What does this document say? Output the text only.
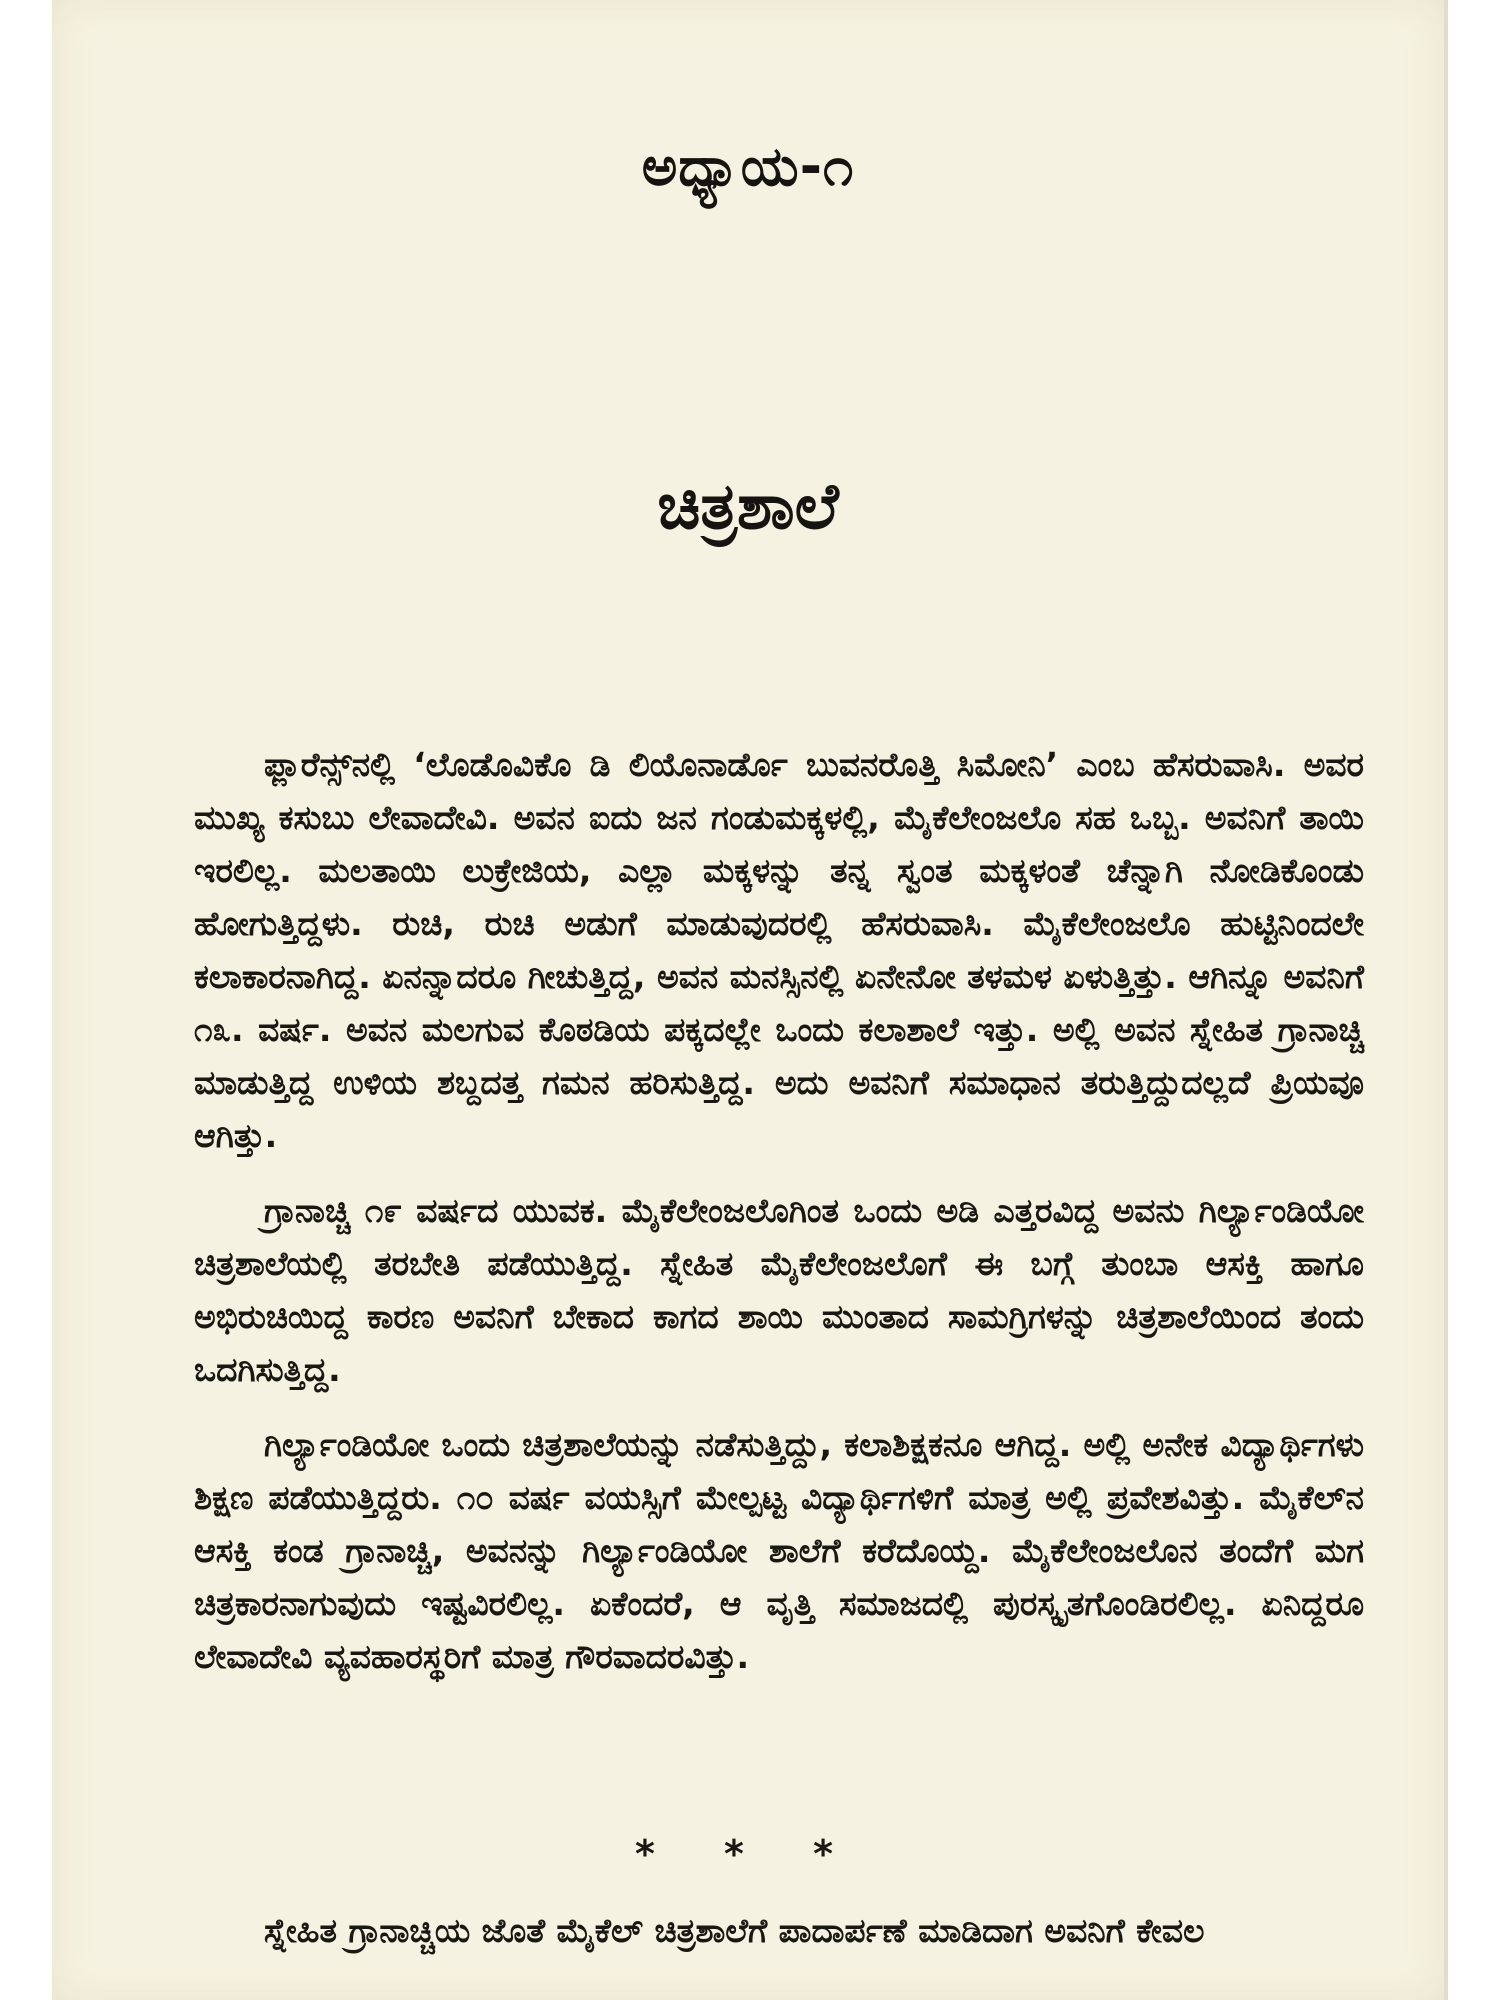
ಅಧ್ಯಾಯ-೧
ಚಿತ್ರಶಾಲೆ

ಫ್ಲಾರೆನ್ಸ್‌ನಲ್ಲಿ ‘ಲೊಡೊವಿಕೊ ಡಿ ಲಿಯೊನಾರ್ಡೊ ಬುವನರೊತ್ತಿ ಸಿಮೋನಿ’ ಎಂಬ ಹೆಸರುವಾಸಿ. ಅವರ ಮುಖ್ಯ ಕಸುಬು ಲೇವಾದೇವಿ. ಅವನ ಐದು ಜನ ಗಂಡುಮಕ್ಕಳಲ್ಲಿ, ಮೈಕೆಲೇಂಜಲೊ ಸಹ ಒಬ್ಬ. ಅವನಿಗೆ ತಾಯಿ ಇರಲಿಲ್ಲ. ಮಲತಾಯಿ ಲುಕ್ರೇಜಿಯ, ಎಲ್ಲಾ ಮಕ್ಕಳನ್ನು ತನ್ನ ಸ್ವಂತ ಮಕ್ಕಳಂತೆ ಚೆನ್ನಾಗಿ ನೋಡಿಕೊಂಡು ಹೋಗುತ್ತಿದ್ದಳು. ರುಚಿ, ರುಚಿ ಅಡುಗೆ ಮಾಡುವುದರಲ್ಲಿ ಹೆಸರುವಾಸಿ. ಮೈಕೆಲೇಂಜಲೊ ಹುಟ್ಟಿನಿಂದಲೇ ಕಲಾಕಾರನಾಗಿದ್ದ. ಏನನ್ನಾದರೂ ಗೀಚುತ್ತಿದ್ದ, ಅವನ ಮನಸ್ಸಿನಲ್ಲಿ ಏನೇನೋ ತಳಮಳ ಏಳುತ್ತಿತ್ತು. ಆಗಿನ್ನೂ ಅವನಿಗೆ ೧೩. ವರ್ಷ. ಅವನ ಮಲಗುವ ಕೊಠಡಿಯ ಪಕ್ಕದಲ್ಲೇ ಒಂದು ಕಲಾಶಾಲೆ ಇತ್ತು. ಅಲ್ಲಿ ಅವನ ಸ್ನೇಹಿತ ಗ್ರಾನಾಚ್ಚಿ ಮಾಡುತ್ತಿದ್ದ ಉಳಿಯ ಶಬ್ದದತ್ತ ಗಮನ ಹರಿಸುತ್ತಿದ್ದ. ಅದು ಅವನಿಗೆ ಸಮಾಧಾನ ತರುತ್ತಿದ್ದುದಲ್ಲದೆ ಪ್ರಿಯವೂ ಆಗಿತ್ತು.

ಗ್ರಾನಾಚ್ಚಿ ೧೯ ವರ್ಷದ ಯುವಕ. ಮೈಕೆಲೇಂಜಲೊಗಿಂತ ಒಂದು ಅಡಿ ಎತ್ತರವಿದ್ದ ಅವನು ಗಿರ್ಲ್ಯಾಂಡಿಯೋ ಚಿತ್ರಶಾಲೆಯಲ್ಲಿ ತರಬೇತಿ ಪಡೆಯುತ್ತಿದ್ದ. ಸ್ನೇಹಿತ ಮೈಕೆಲೇಂಜಲೊಗೆ ಈ ಬಗ್ಗೆ ತುಂಬಾ ಆಸಕ್ತಿ ಹಾಗೂ ಅಭಿರುಚಿಯಿದ್ದ ಕಾರಣ ಅವನಿಗೆ ಬೇಕಾದ ಕಾಗದ ಶಾಯಿ ಮುಂತಾದ ಸಾಮಗ್ರಿಗಳನ್ನು ಚಿತ್ರಶಾಲೆಯಿಂದ ತಂದು ಒದಗಿಸುತ್ತಿದ್ದ.

ಗಿರ್ಲ್ಯಾಂಡಿಯೋ ಒಂದು ಚಿತ್ರಶಾಲೆಯನ್ನು ನಡೆಸುತ್ತಿದ್ದು, ಕಲಾಶಿಕ್ಷಕನೂ ಆಗಿದ್ದ. ಅಲ್ಲಿ ಅನೇಕ ವಿದ್ಯಾರ್ಥಿಗಳು ಶಿಕ್ಷಣ ಪಡೆಯುತ್ತಿದ್ದರು. ೧೦ ವರ್ಷ ವಯಸ್ಸಿಗೆ ಮೇಲ್ಪಟ್ಟ ವಿದ್ಯಾರ್ಥಿಗಳಿಗೆ ಮಾತ್ರ ಅಲ್ಲಿ ಪ್ರವೇಶವಿತ್ತು. ಮೈಕೆಲ್‌ನ ಆಸಕ್ತಿ ಕಂಡ ಗ್ರಾನಾಚ್ಚಿ, ಅವನನ್ನು ಗಿರ್ಲ್ಯಾಂಡಿಯೋ ಶಾಲೆಗೆ ಕರೆದೊಯ್ದ. ಮೈಕೆಲೇಂಜಲೊನ ತಂದೆಗೆ ಮಗ ಚಿತ್ರಕಾರನಾಗುವುದು ಇಷ್ಟವಿರಲಿಲ್ಲ. ಏಕೆಂದರೆ, ಆ ವೃತ್ತಿ ಸಮಾಜದಲ್ಲಿ ಪುರಸ್ಕೃತಗೊಂಡಿರಲಿಲ್ಲ. ಏನಿದ್ದರೂ ಲೇವಾದೇವಿ ವ್ಯವಹಾರಸ್ಥರಿಗೆ ಮಾತ್ರ ಗೌರವಾದರವಿತ್ತು.

* * *
ಸ್ನೇಹಿತ ಗ್ರಾನಾಚ್ಚಿಯ ಜೊತೆ ಮೈಕೆಲ್ ಚಿತ್ರಶಾಲೆಗೆ ಪಾದಾರ್ಪಣೆ ಮಾಡಿದಾಗ ಅವನಿಗೆ ಕೇವಲ
